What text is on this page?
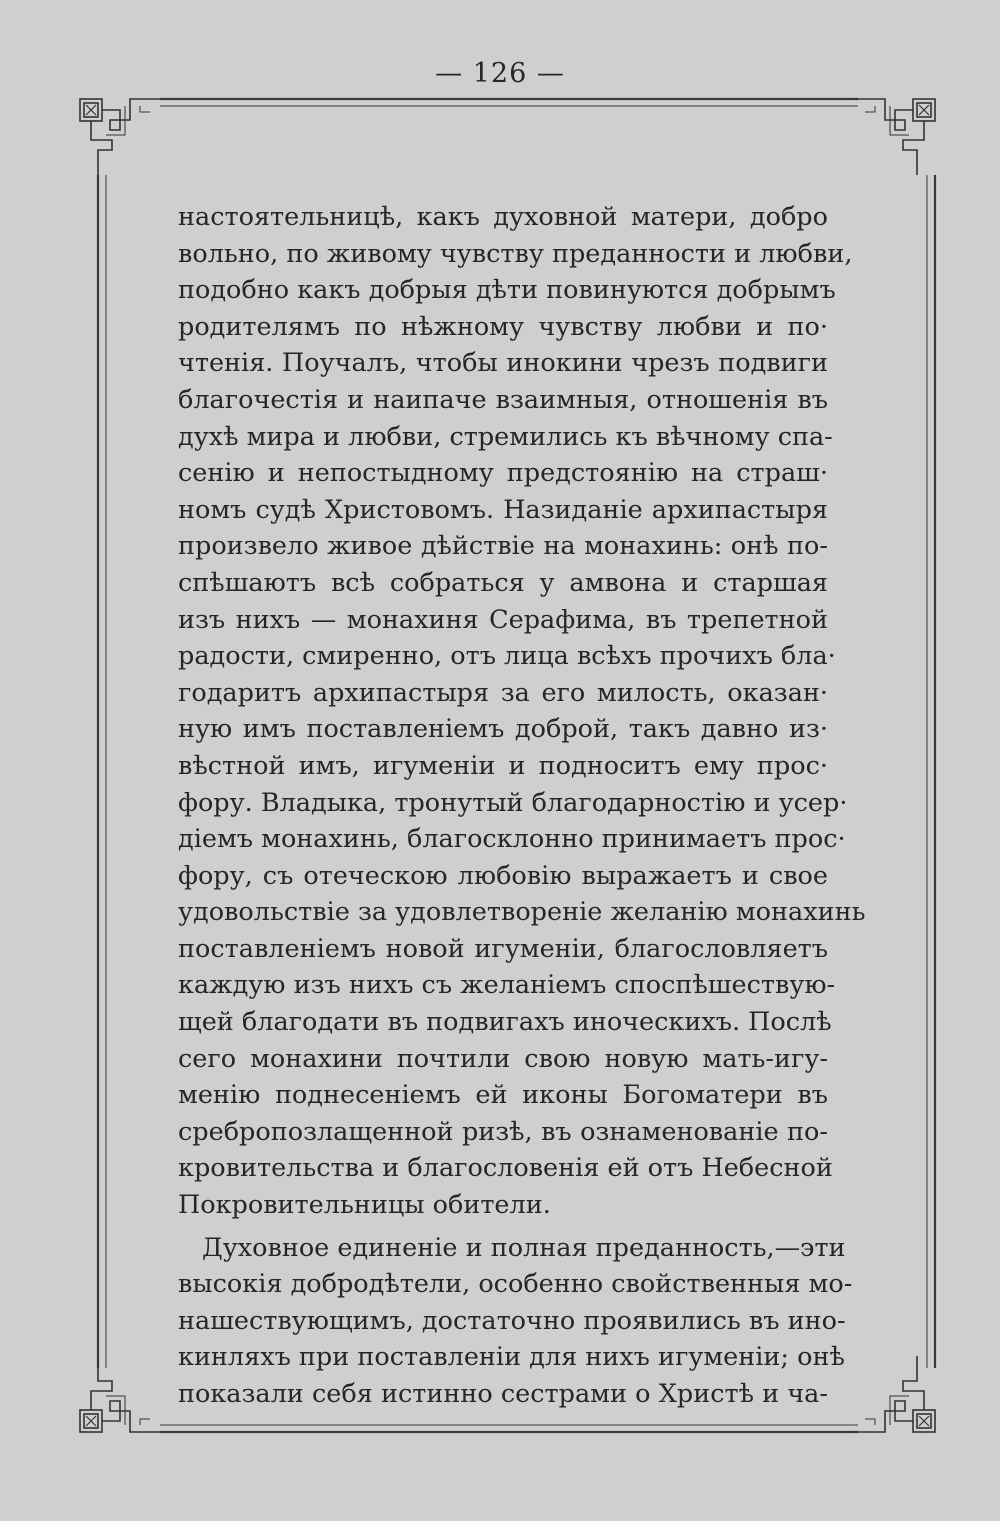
— 126 —
настоятельницѣ, какъ духовной матери, добро
вольно, по живому чувству преданности и любви,
подобно какъ добрыя дѣти повинуются добрымъ
родителямъ по нѣжному чувству любви и по·
чтенія. Поучалъ, чтобы инокини чрезъ подвиги
благочестія и наипаче взаимныя, отношенія въ
духѣ мира и любви, стремились къ вѣчному спа-
сенію и непостыдному предстоянію на страш·
номъ судѣ Христовомъ. Назиданіе архипастыря
произвело живое дѣйствіе на монахинь: онѣ по-
спѣшаютъ всѣ собраться у амвона и старшая
изъ нихъ — монахиня Серафима, въ трепетной
радости, смиренно, отъ лица всѣхъ прочихъ бла·
годаритъ архипастыря за его милость, оказан·
ную имъ поставленіемъ доброй, такъ давно из·
вѣстной имъ, игуменіи и подноситъ ему прос·
фору. Владыка, тронутый благодарностію и усер·
діемъ монахинь, благосклонно принимаетъ прос·
фору, съ отеческою любовію выражаетъ и свое
удовольствіе за удовлетвореніе желанію монахинь
поставленіемъ новой игуменіи, благословляетъ
каждую изъ нихъ съ желаніемъ споспѣшествую-
щей благодати въ подвигахъ иноческихъ. Послѣ
сего монахини почтили свою новую мать-игу-
менію поднесеніемъ ей иконы Богоматери въ
сребропозлащенной ризѣ, въ ознаменованіе по-
кровительства и благословенія ей отъ Небесной
Покровительницы обители.
Духовное единеніе и полная преданность,—эти
высокія добродѣтели, особенно свойственныя мо-
нашествующимъ, достаточно проявились въ ино-
кинляхъ при поставленіи для нихъ игуменіи; онѣ
показали себя истинно сестрами о Христѣ и ча-
